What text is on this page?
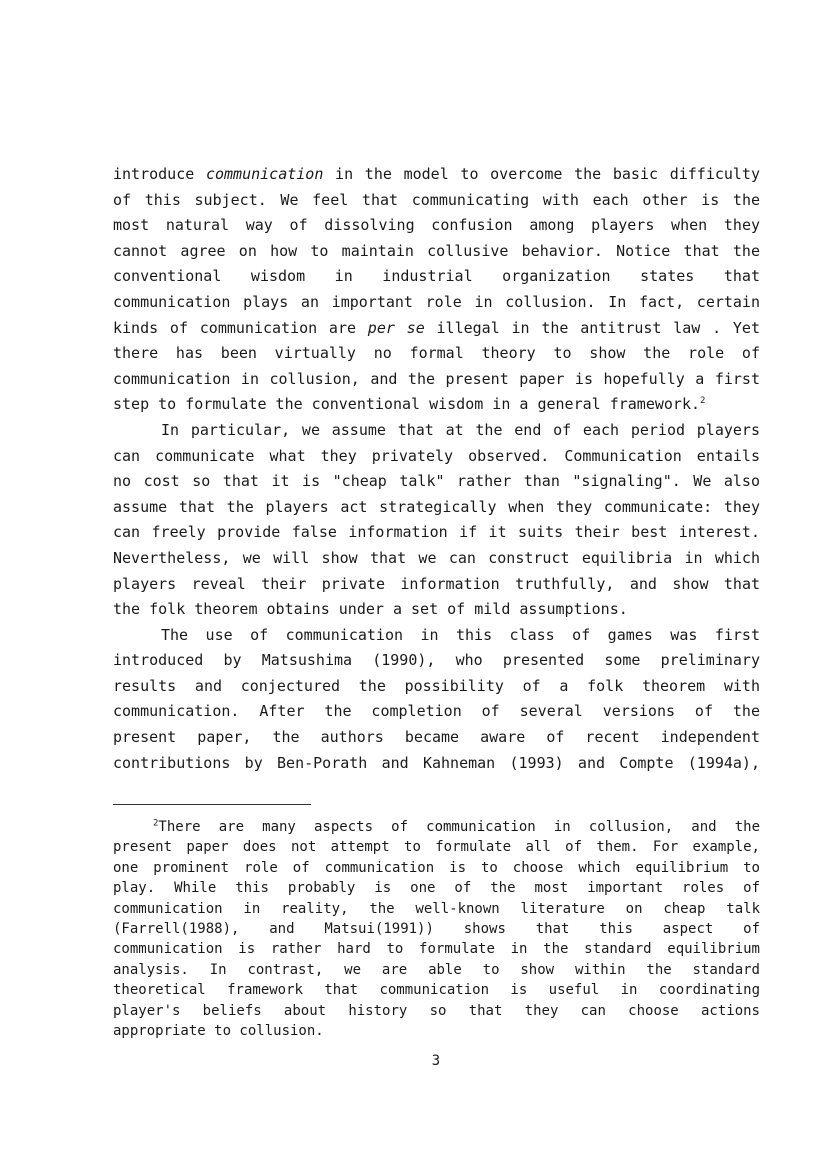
introduce communication in the model to overcome the basic difficulty
of this subject. We feel that communicating with each other is the
most natural way of dissolving confusion among players when they
cannot agree on how to maintain collusive behavior. Notice that the
conventional wisdom in industrial organization states that
communication plays an important role in collusion. In fact, certain
kinds of communication are per se illegal in the antitrust law . Yet
there has been virtually no formal theory to show the role of
communication in collusion, and the present paper is hopefully a first
step to formulate the conventional wisdom in a general framework.$^2$
In particular, we assume that at the end of each period players
can communicate what they privately observed. Communication entails
no cost so that it is "cheap talk" rather than "signaling". We also
assume that the players act strategically when they communicate: they
can freely provide false information if it suits their best interest.
Nevertheless, we will show that we can construct equilibria in which
players reveal their private information truthfully, and show that
the folk theorem obtains under a set of mild assumptions.
The use of communication in this class of games was first
introduced by Matsushima (1990), who presented some preliminary
results and conjectured the possibility of a folk theorem with
communication. After the completion of several versions of the
present paper, the authors became aware of recent independent
contributions by Ben-Porath and Kahneman (1993) and Compte (1994a),
$^2$There are many aspects of communication in collusion, and the
present paper does not attempt to formulate all of them. For example,
one prominent role of communication is to choose which equilibrium to
play. While this probably is one of the most important roles of
communication in reality, the well-known literature on cheap talk
(Farrell(1988), and Matsui(1991)) shows that this aspect of
communication is rather hard to formulate in the standard equilibrium
analysis. In contrast, we are able to show within the standard
theoretical framework that communication is useful in coordinating
player's beliefs about history so that they can choose actions
appropriate to collusion.
3
